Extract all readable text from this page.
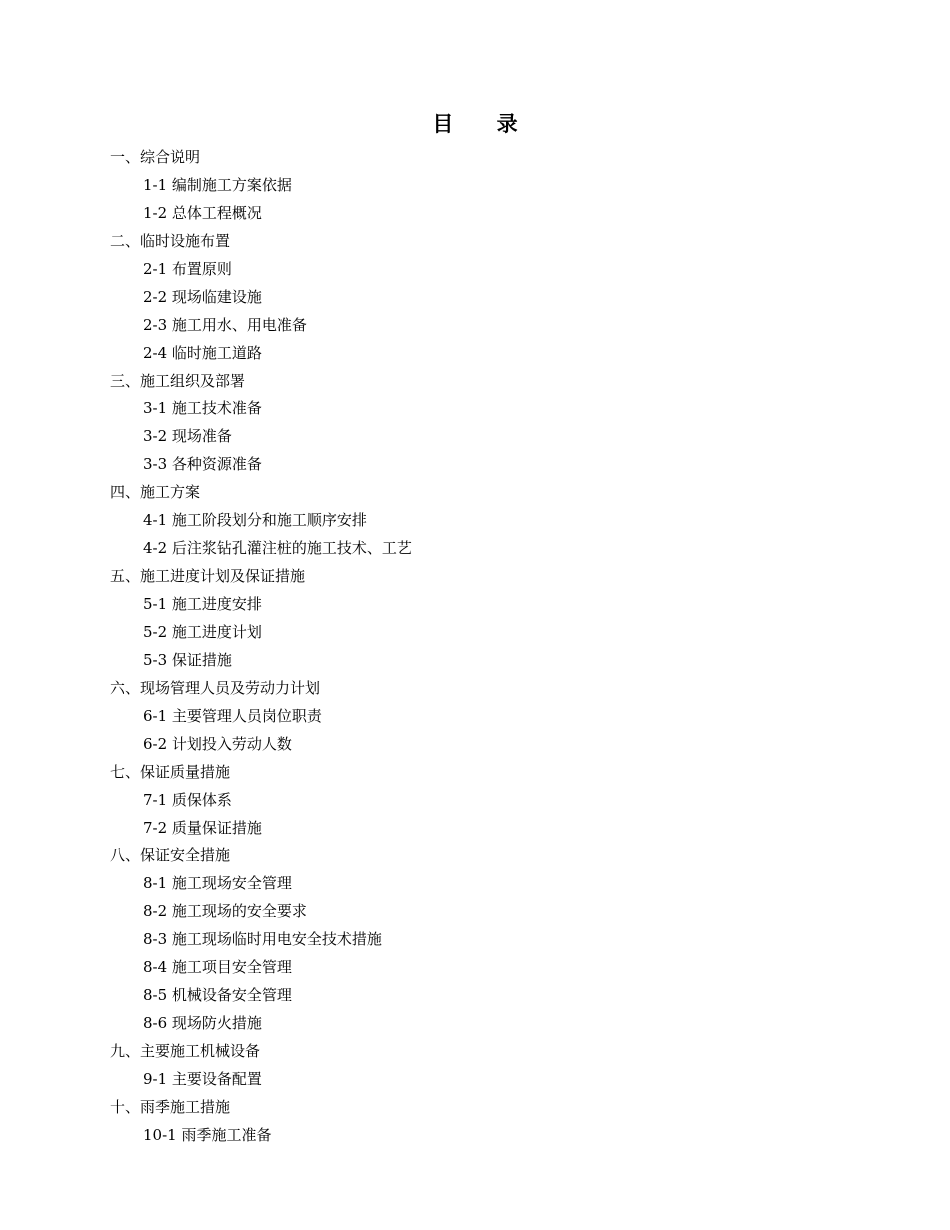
目 录
一、综合说明
1-1 编制施工方案依据
1-2 总体工程概况
二、临时设施布置
2-1 布置原则
2-2 现场临建设施
2-3 施工用水、用电准备
2-4 临时施工道路
三、施工组织及部署
3-1 施工技术准备
3-2 现场准备
3-3 各种资源准备
四、施工方案
4-1 施工阶段划分和施工顺序安排
4-2 后注浆钻孔灌注桩的施工技术、工艺
五、施工进度计划及保证措施
5-1 施工进度安排
5-2 施工进度计划
5-3 保证措施
六、现场管理人员及劳动力计划
6-1 主要管理人员岗位职责
6-2 计划投入劳动人数
七、保证质量措施
7-1 质保体系
7-2 质量保证措施
八、保证安全措施
8-1 施工现场安全管理
8-2 施工现场的安全要求
8-3 施工现场临时用电安全技术措施
8-4 施工项目安全管理
8-5 机械设备安全管理
8-6 现场防火措施
九、主要施工机械设备
9-1 主要设备配置
十、雨季施工措施
10-1 雨季施工准备
